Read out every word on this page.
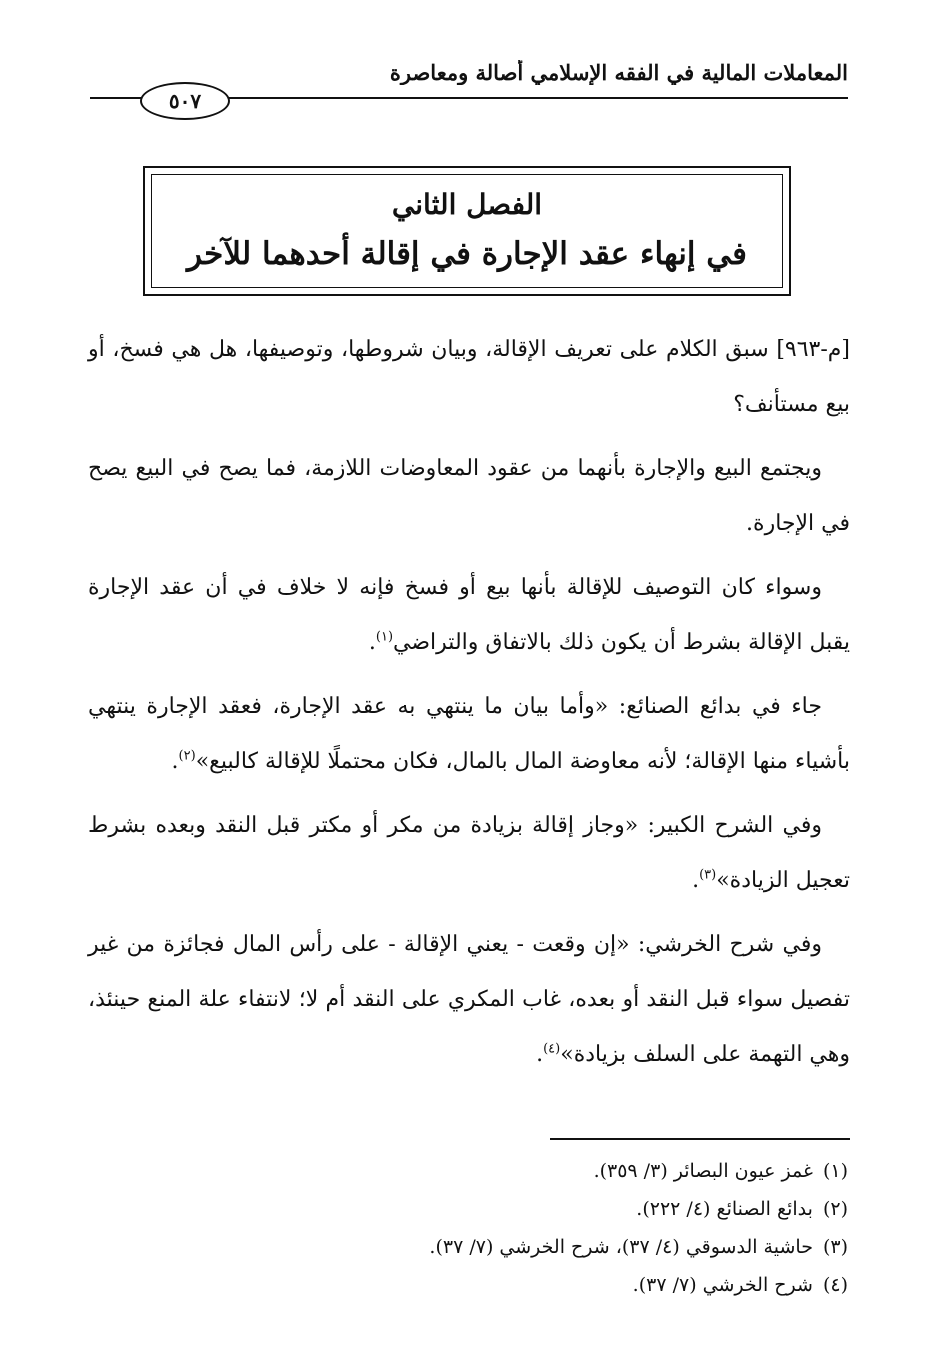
المعاملات المالية في الفقه الإسلامي أصالة ومعاصرة
٥٠٧
الفصل الثاني
في إنهاء عقد الإجارة في إقالة أحدهما للآخر

[م-٩٦٣] سبق الكلام على تعريف الإقالة، وبيان شروطها، وتوصيفها، هل هي فسخ، أو بيع مستأنف؟

ويجتمع البيع والإجارة بأنهما من عقود المعاوضات اللازمة، فما يصح في البيع يصح في الإجارة.

وسواء كان التوصيف للإقالة بأنها بيع أو فسخ فإنه لا خلاف في أن عقد الإجارة يقبل الإقالة بشرط أن يكون ذلك بالاتفاق والتراضي$^{(١)}$.

جاء في بدائع الصنائع: «وأما بيان ما ينتهي به عقد الإجارة، فعقد الإجارة ينتهي بأشياء منها الإقالة؛ لأنه معاوضة المال بالمال، فكان محتملًا للإقالة كالبيع»$^{(٢)}$.

وفي الشرح الكبير: «وجاز إقالة بزيادة من مكر أو مكتر قبل النقد وبعده بشرط تعجيل الزيادة»$^{(٣)}$.

وفي شرح الخرشي: «إن وقعت - يعني الإقالة - على رأس المال فجائزة من غير تفصيل سواء قبل النقد أو بعده، غاب المكري على النقد أم لا؛ لانتفاء علة المنع حينئذ، وهي التهمة على السلف بزيادة»$^{(٤)}$.

(١)غمز عيون البصائر (٣/ ٣٥٩).
(٢)بدائع الصنائع (٤/ ٢٢٢).
(٣)حاشية الدسوقي (٤/ ٣٧)، شرح الخرشي (٧/ ٣٧).
(٤)شرح الخرشي (٧/ ٣٧).
